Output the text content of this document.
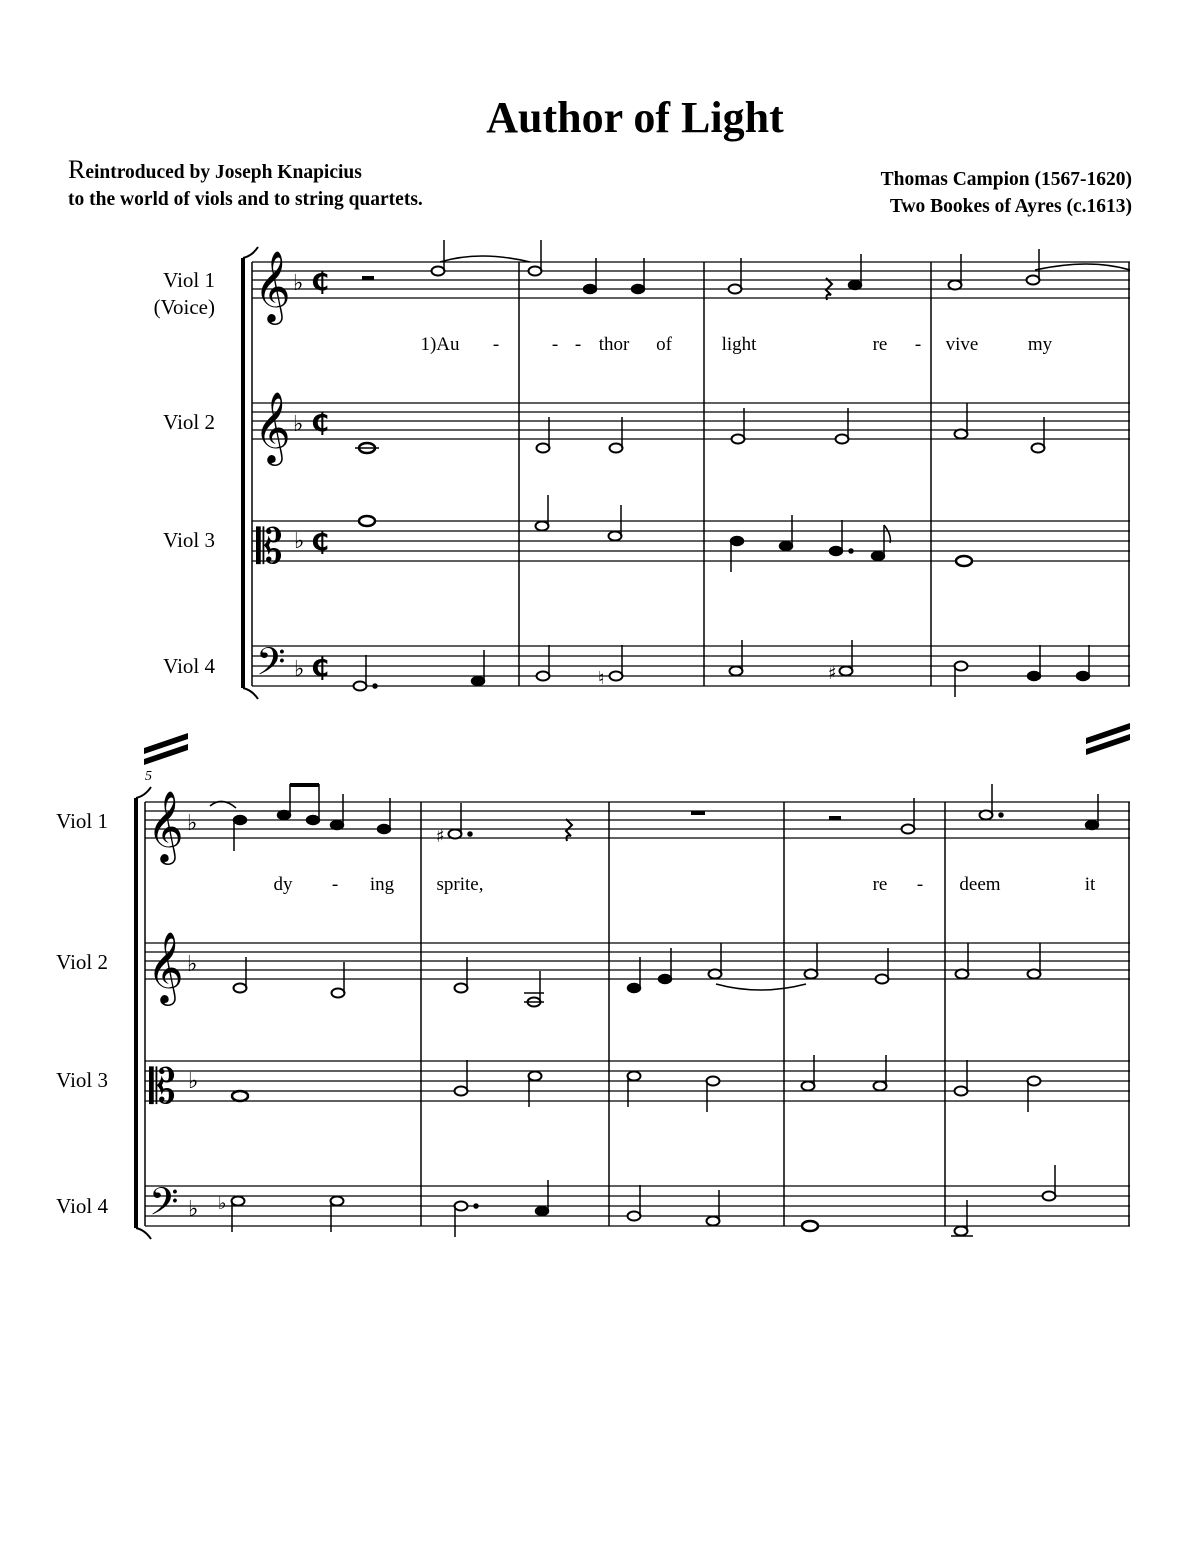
Author of Light
Reintroduced by Joseph Knapicius
to the world of viols and to string quartets.
Thomas Campion (1567-1620)
Two Bookes of Ayres (c.1613)
Viol 1
(Voice)
Viol 2
Viol 3
Viol 4
𝄞
𝄞
𝄡
𝄢
♭
♭
♭
♭
₵
₵
₵
₵
1)Au -	- - thor of	light	re - vive	my
♮	♯
5
Viol 1
Viol 2
Viol 3
Viol 4
𝄞
𝄞
𝄡
𝄢
♭
♭
♭
♭
♯
dy - ing sprite,	re - deem	it
♭
